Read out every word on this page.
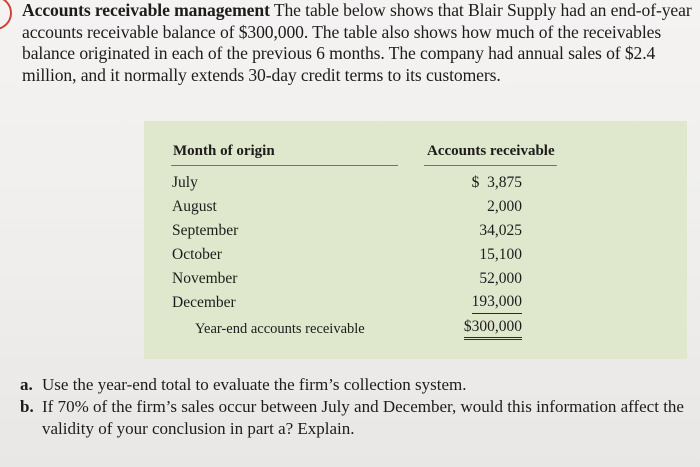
Accounts receivable management The table below shows that Blair Supply had an end-of-year accounts receivable balance of $300,000. The table also shows how much of the receivables balance originated in each of the previous 6 months. The company had annual sales of $2.4 million, and it normally extends 30-day credit terms to its customers.
Month of origin	Accounts receivable
July	$  3,875
August	2,000
September	34,025
October	15,100
November	52,000
December	193,000
Year-end accounts receivable	$300,000
a. Use the year-end total to evaluate the firm’s collection system.
b. If 70% of the firm’s sales occur between July and December, would this information affect the validity of your conclusion in part a? Explain.
